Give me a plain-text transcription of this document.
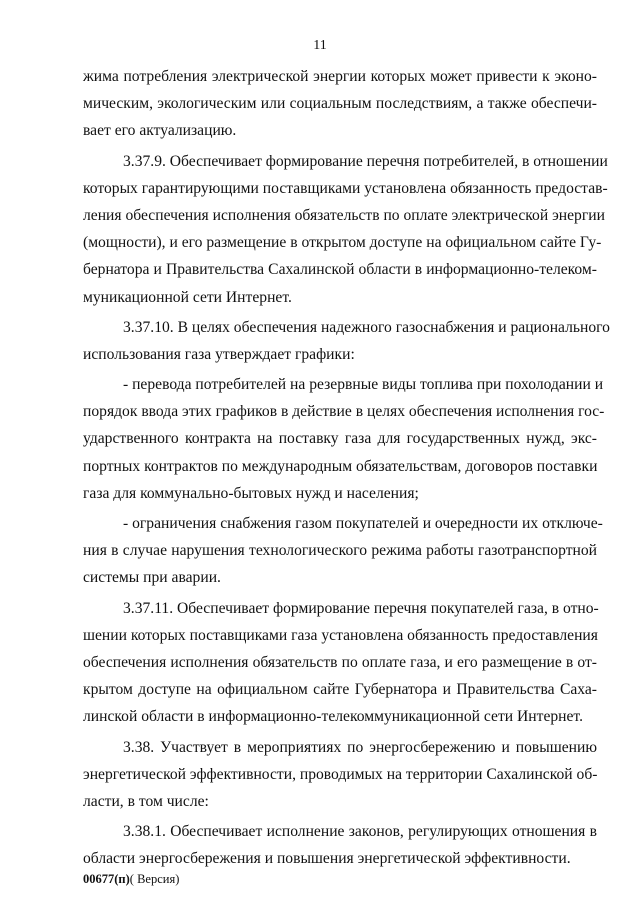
11
жима потребления электрической энергии которых может привести к эконо-
мическим, экологическим или социальным последствиям, а также обеспечи-
вает его актуализацию.
3.37.9. Обеспечивает формирование перечня потребителей, в отношении
которых гарантирующими поставщиками установлена обязанность предостав-
ления обеспечения исполнения обязательств по оплате электрической энергии
(мощности), и его размещение в открытом доступе на официальном сайте Гу-
бернатора и Правительства Сахалинской области в информационно-телеком-
муникационной сети Интернет.
3.37.10. В целях обеспечения надежного газоснабжения и рационального
использования газа утверждает графики:
- перевода потребителей на резервные виды топлива при похолодании и
порядок ввода этих графиков в действие в целях обеспечения исполнения гос-
ударственного контракта на поставку газа для государственных нужд, экс-
портных контрактов по международным обязательствам, договоров поставки
газа для коммунально-бытовых нужд и населения;
- ограничения снабжения газом покупателей и очередности их отключе-
ния в случае нарушения технологического режима работы газотранспортной
системы при аварии.
3.37.11. Обеспечивает формирование перечня покупателей газа, в отно-
шении которых поставщиками газа установлена обязанность предоставления
обеспечения исполнения обязательств по оплате газа, и его размещение в от-
крытом доступе на официальном сайте Губернатора и Правительства Саха-
линской области в информационно-телекоммуникационной сети Интернет.
3.38. Участвует в мероприятиях по энергосбережению и повышению
энергетической эффективности, проводимых на территории Сахалинской об-
ласти, в том числе:
3.38.1. Обеспечивает исполнение законов, регулирующих отношения в
области энергосбережения и повышения энергетической эффективности.
00677(п)( Версия)
